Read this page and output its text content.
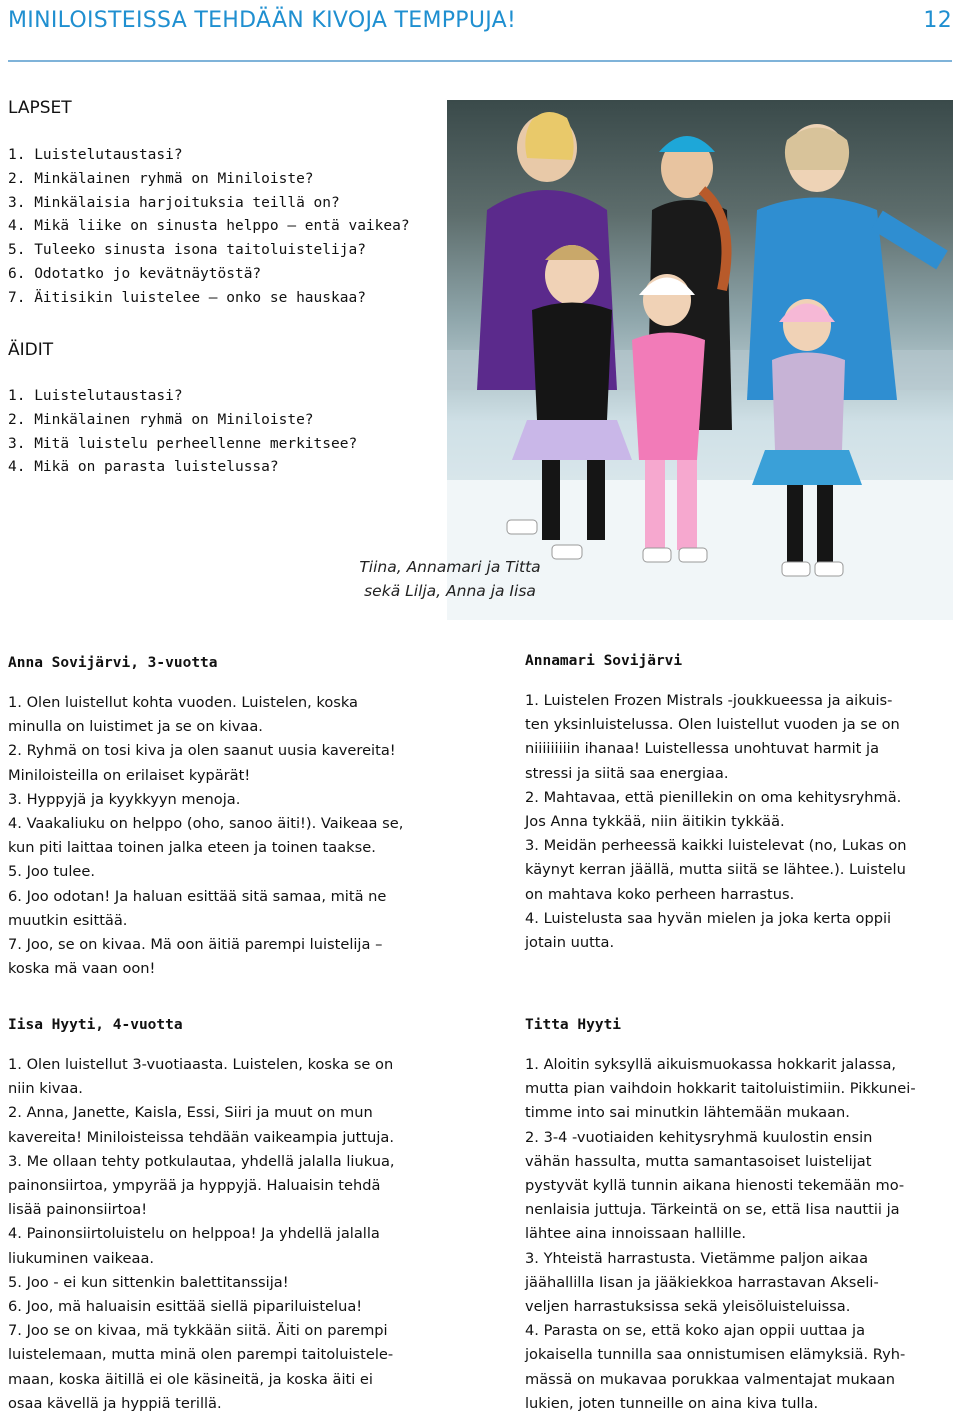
MINILOISTEISSA TEHDÄÄN KIVOJA TEMPPUJA!	12
LAPSET
1. Luistelutaustasi?
2. Minkälainen ryhmä on Miniloiste?
3. Minkälaisia harjoituksia teillä on?
4. Mikä liike on sinusta helppo – entä vaikea?
5. Tuleeko sinusta isona taitoluistelija?
6. Odotatko jo kevätnäytöstä?
7. Äitisikin luistelee – onko se hauskaa?
ÄIDIT
1. Luistelutaustasi?
2. Minkälainen ryhmä on Miniloiste?
3. Mitä luistelu perheellenne merkitsee?
4. Mikä on parasta luistelussa?
Tiina, Annamari ja Titta
sekä Lilja, Anna ja Iisa
Anna Sovijärvi, 3-vuotta

1. Olen luistellut kohta vuoden. Luistelen, koska

minulla on luistimet ja se on kivaa.

2. Ryhmä on tosi kiva ja olen saanut uusia kavereita!

Miniloisteilla on erilaiset kypärät!

3. Hyppyjä ja kyykkyyn menoja.

4. Vaakaliuku on helppo (oho, sanoo äiti!). Vaikeaa se,

kun piti laittaa toinen jalka eteen ja toinen taakse.

5. Joo tulee.

6. Joo odotan! Ja haluan esittää sitä samaa, mitä ne

muutkin esittää.

7. Joo, se on kivaa. Mä oon äitiä parempi luistelija –

koska mä vaan oon!

Annamari Sovijärvi

1. Luistelen Frozen Mistrals -joukkueessa ja aikuis-

ten yksinluistelussa. Olen luistellut vuoden ja se on

niiiiiiiiin ihanaa! Luistellessa unohtuvat harmit ja

stressi ja siitä saa energiaa.

2. Mahtavaa, että pienillekin on oma kehitysryhmä.

Jos Anna tykkää, niin äitikin tykkää.

3. Meidän perheessä kaikki luistelevat (no, Lukas on

käynyt kerran jäällä, mutta siitä se lähtee.). Luistelu

on mahtava koko perheen harrastus.

4. Luistelusta saa hyvän mielen ja joka kerta oppii

jotain uutta.

Iisa Hyyti, 4-vuotta

1. Olen luistellut 3-vuotiaasta. Luistelen, koska se on

niin kivaa.

2. Anna, Janette, Kaisla, Essi, Siiri ja muut on mun

kavereita! Miniloisteissa tehdään vaikeampia juttuja.

3. Me ollaan tehty potkulautaa, yhdellä jalalla liukua,

painonsiirtoa, ympyrää ja hyppyjä. Haluaisin tehdä

lisää painonsiirtoa!

4. Painonsiirtoluistelu on helppoa! Ja yhdellä jalalla

liukuminen vaikeaa.

5. Joo - ei kun sittenkin balettitanssija!

6. Joo, mä haluaisin esittää siellä pipariluistelua!

7. Joo se on kivaa, mä tykkään siitä. Äiti on parempi

luistelemaan, mutta minä olen parempi taitoluistele-

maan, koska äitillä ei ole käsineitä, ja koska äiti ei

osaa kävellä ja hyppiä terillä.

Titta Hyyti

1. Aloitin syksyllä aikuismuokassa hokkarit jalassa,

mutta pian vaihdoin hokkarit taitoluistimiin. Pikkunei-

timme into sai minutkin lähtemään mukaan.

2. 3-4 -vuotiaiden kehitysryhmä kuulostin ensin

vähän hassulta, mutta samantasoiset luistelijat

pystyvät kyllä tunnin aikana hienosti tekemään mo-

nenlaisia juttuja. Tärkeintä on se, että Iisa nauttii ja

lähtee aina innoissaan hallille.

3. Yhteistä harrastusta. Vietämme paljon aikaa

jäähallilla Iisan ja jääkiekkoa harrastavan Akseli-

veljen harrastuksissa sekä yleisöluisteluissa.

4. Parasta on se, että koko ajan oppii uuttaa ja

jokaisella tunnilla saa onnistumisen elämyksiä. Ryh-

mässä on mukavaa porukkaa valmentajat mukaan

lukien, joten tunneille on aina kiva tulla.
